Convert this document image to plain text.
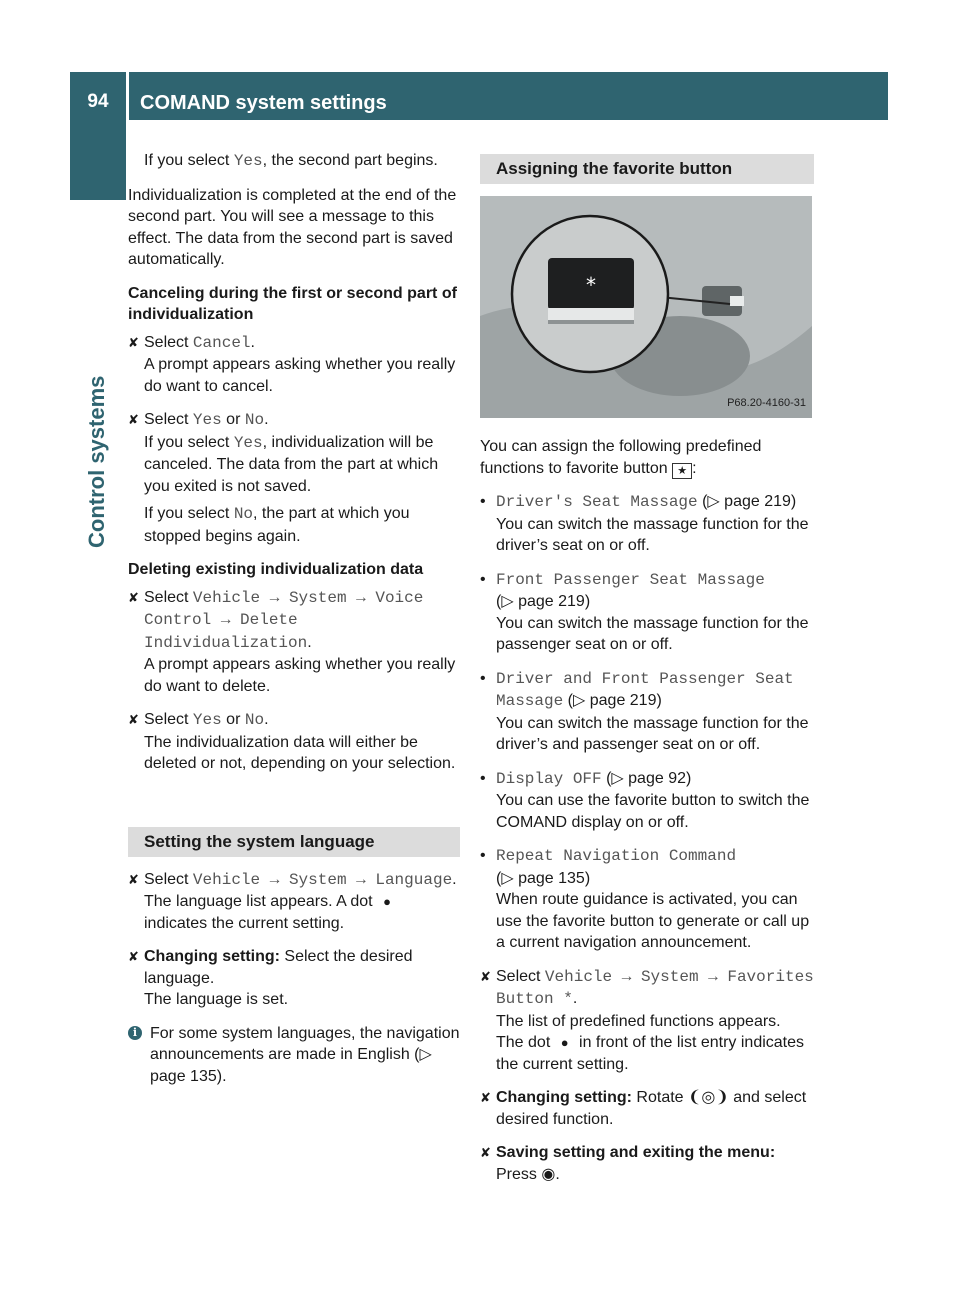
94	COMAND system settings
Control systems

If you select Yes, the second part begins.

Individualization is completed at the end of the second part. You will see a message to this effect. The data from the second part is saved automatically.

Canceling during the first or second part of individualization

✘ Select Cancel.
A prompt appears asking whether you really do want to cancel.
✘ Select Yes or No.
If you select Yes, individualization will be canceled. The data from the part at which you exited is not saved.

If you select No, the part at which you stopped begins again.

Deleting existing individualization data

✘ Select Vehicle → System → Voice Control → Delete Individualization.
A prompt appears asking whether you really do want to delete.
✘ Select Yes or No.
The individualization data will either be deleted or not, depending on your selection.
Setting the system language
✘ Select Vehicle → System → Language.
The language list appears. A dot ● indicates the current setting.
✘ Changing setting: Select the desired language.
The language is set.

i For some system languages, the navigation announcements are made in English (▷ page 135).

Assigning the favorite button
*
P68.20-4160-31

You can assign the following predefined functions to favorite button ★ :

• Driver's Seat Massage (▷ page 219)
You can switch the massage function for the driver’s seat on or off.

• Front Passenger Seat Massage
(▷ page 219)
You can switch the massage function for the passenger seat on or off.

• Driver and Front Passenger Seat Massage (▷ page 219)
You can switch the massage function for the driver’s and passenger seat on or off.

• Display OFF (▷ page 92)
You can use the favorite button to switch the COMAND display on or off.

• Repeat Navigation Command
(▷ page 135)
When route guidance is activated, you can use the favorite button to generate or call up a current navigation announcement.

✘ Select Vehicle → System → Favorites Button *.
The list of predefined functions appears.
The dot ● in front of the list entry indicates the current setting.
✘ Changing setting: Rotate ❨◎❩ and select desired function.
✘ Saving setting and exiting the menu:
Press ◉.
